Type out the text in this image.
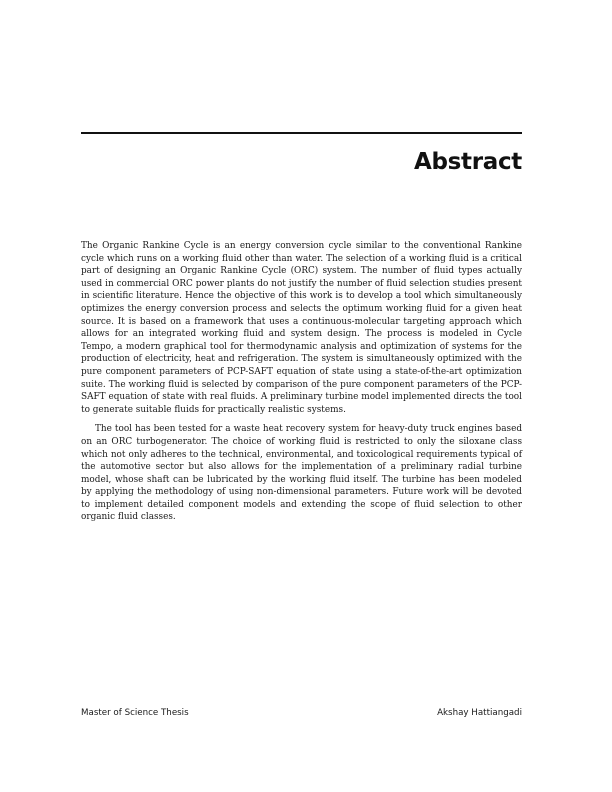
Abstract

The Organic Rankine Cycle is an energy conversion cycle similar to the conventional Rankine cycle which runs on a working fluid other than water. The selection of a working fluid is a critical part of designing an Organic Rankine Cycle (ORC) system. The number of fluid types actually used in commercial ORC power plants do not justify the number of fluid selection studies present in scientific literature. Hence the objective of this work is to develop a tool which simultaneously optimizes the energy conversion process and selects the optimum working fluid for a given heat source. It is based on a framework that uses a continuous-molecular targeting approach which allows for an integrated working fluid and system design. The process is modeled in Cycle Tempo, a modern graphical tool for thermodynamic analysis and optimization of systems for the production of electricity, heat and refrigeration. The system is simultaneously optimized with the pure component parameters of PCP-SAFT equation of state using a state-of-the-art optimization suite. The working fluid is selected by comparison of the pure component parameters of the PCP-SAFT equation of state with real fluids. A preliminary turbine model implemented directs the tool to generate suitable fluids for practically realistic systems.

The tool has been tested for a waste heat recovery system for heavy-duty truck engines based on an ORC turbogenerator. The choice of working fluid is restricted to only the siloxane class which not only adheres to the technical, environmental, and toxicological requirements typical of the automotive sector but also allows for the implementation of a preliminary radial turbine model, whose shaft can be lubricated by the working fluid itself. The turbine has been modeled by applying the methodology of using non-dimensional parameters. Future work will be devoted to implement detailed component models and extending the scope of fluid selection to other organic fluid classes.

Master of Science Thesis	Akshay Hattiangadi
